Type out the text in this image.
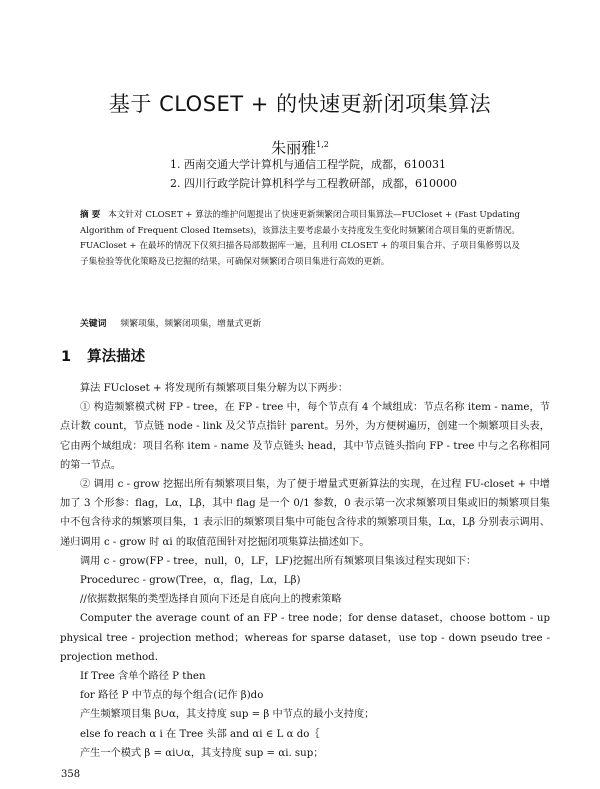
基于 CLOSET + 的快速更新闭项集算法
朱丽雅$^{1,2}$
1. 西南交通大学计算机与通信工程学院，成都，610031
2. 四川行政学院计算机科学与工程教研部，成都，610000
摘 要 本文针对 CLOSET + 算法的维护问题提出了快速更新频繁闭合项目集算法—FUCloset + (Fast Updating Algorithm of Frequent Closed Itemsets)，该算法主要考虑最小支持度发生变化时频繁闭合项目集的更新情况。FUACloset + 在最坏的情况下仅须扫描各局部数据库一遍，且利用 CLOSET + 的项目集合并、子项目集修剪以及子集检验等优化策略及已挖掘的结果，可确保对频繁闭合项目集进行高效的更新。
关键词 频繁项集，频繁闭项集，增量式更新
1 算法描述

算法 FUcloset + 将发现所有频繁项目集分解为以下两步：

① 构造频繁模式树 FP - tree，在 FP - tree 中，每个节点有 4 个域组成：节点名称 item - name，节点计数 count，节点链 node - link 及父节点指针 parent。另外，为方便树遍历，创建一个频繁项目头表，它由两个域组成：项目名称 item - name 及节点链头 head，其中节点链头指向 FP - tree 中与之名称相同的第一节点。

② 调用 c - grow 挖掘出所有频繁项目集，为了便于增量式更新算法的实现，在过程 FU-closet + 中增加了 3 个形参：flag，Lα，Lβ，其中 flag 是一个 0/1 参数，0 表示第一次求频繁项目集或旧的频繁项目集中不包含待求的频繁项目集，1 表示旧的频繁项目集中可能包含待求的频繁项目集，Lα，Lβ 分别表示调用、递归调用 c - grow 时 αi 的取值范围针对挖掘闭项集算法描述如下。

调用 c - grow(FP - tree，null，0，LF，LF)挖掘出所有频繁项目集该过程实现如下：

Procedurec - grow(Tree，α，flag，Lα，Lβ)

//依据数据集的类型选择自顶向下还是自底向上的搜索策略

Computer the average count of an FP - tree node；for dense dataset，choose bottom - up physical tree - projection method；whereas for sparse dataset，use top - down pseudo tree - projection method.

If Tree 含单个路径 P then

for 路径 P 中节点的每个组合(记作 β)do

产生频繁项目集 β∪α，其支持度 sup = β 中节点的最小支持度；

else fo reach α i 在 Tree 头部 and αi ∈ L α do｛

产生一个模式 β = αi∪α，其支持度 sup = αi. sup；

358
